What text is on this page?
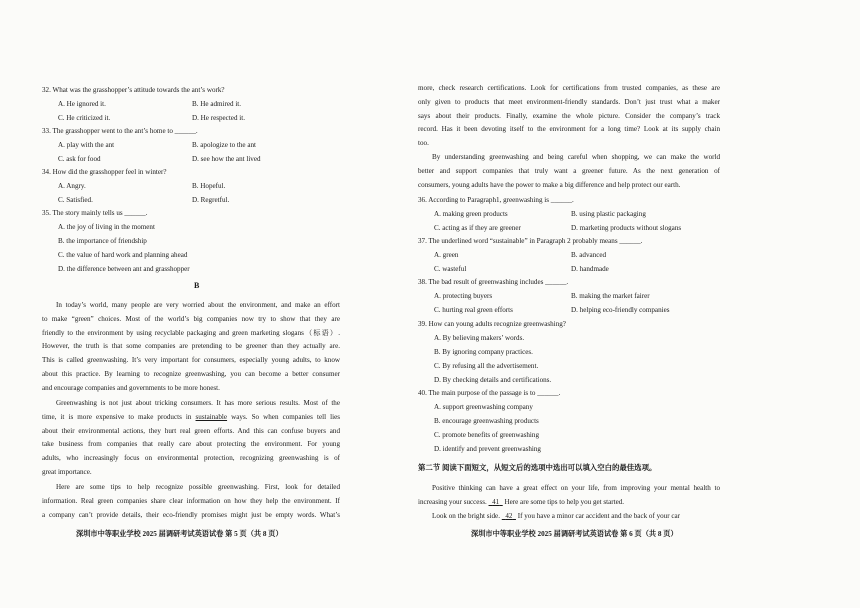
32. What was the grasshopper’s attitude towards the ant’s work?
A. He ignored it.	B. He admired it.
C. He criticized it.	D. He respected it.
33. The grasshopper went to the ant’s home to ______.
A. play with the ant	B. apologize to the ant
C. ask for food	D. see how the ant lived
34. How did the grasshopper feel in winter?
A. Angry.	B. Hopeful.
C. Satisfied.	D. Regretful.
35. The story mainly tells us ______.
A. the joy of living in the moment
B. the importance of friendship
C. the value of hard work and planning ahead
D. the difference between ant and grasshopper
B
In today’s world, many people are very worried about the environment, and make an effort
to make “green” choices. Most of the world’s big companies now try to show that they are
friendly to the environment by using recyclable packaging and green marketing slogans（标语）.
However, the truth is that some companies are pretending to be greener than they actually are.
This is called greenwashing. It’s very important for consumers, especially young adults, to know
about this practice. By learning to recognize greenwashing, you can become a better consumer
and encourage companies and governments to be more honest.
Greenwashing is not just about tricking consumers. It has more serious results. Most of the
time, it is more expensive to make products in sustainable ways. So when companies tell lies
about their environmental actions, they hurt real green efforts. And this can confuse buyers and
take business from companies that really care about protecting the environment. For young
adults, who increasingly focus on environmental protection, recognizing greenwashing is of
great importance.
Here are some tips to help recognize possible greenwashing. First, look for detailed
information. Real green companies share clear information on how they help the environment. If
a company can’t provide details, their eco-friendly promises might just be empty words. What’s
深圳市中等职业学校 2025 届调研考试英语试卷 第 5 页（共 8 页）
more, check research certifications. Look for certifications from trusted companies, as these are
only given to products that meet environment-friendly standards. Don’t just trust what a maker
says about their products. Finally, examine the whole picture. Consider the company’s track
record. Has it been devoting itself to the environment for a long time? Look at its supply chain
too.
By understanding greenwashing and being careful when shopping, we can make the world
better and support companies that truly want a greener future. As the next generation of
consumers, young adults have the power to make a big difference and help protect our earth.
36. According to Paragraph1, greenwashing is ______.
A. making green products	B. using plastic packaging
C. acting as if they are greener	D. marketing products without slogans
37. The underlined word “sustainable” in Paragraph 2 probably means ______.
A. green	B. advanced
C. wasteful	D. handmade
38. The bad result of greenwashing includes ______.
A. protecting buyers	B. making the market fairer
C. hurting real green efforts	D. helping eco-friendly companies
39. How can young adults recognize greenwashing?
A. By believing makers’ words.
B. By ignoring company practices.
C. By refusing all the advertisement.
D. By checking details and certifications.
40. The main purpose of the passage is to ______.
A. support greenwashing company
B. encourage greenwashing products
C. promote benefits of greenwashing
D. identify and prevent greenwashing
第二节 阅读下面短文，从短文后的选项中选出可以填入空白的最佳选项。
Positive thinking can have a great effect on your life, from improving your mental health to
increasing your success. 41 Here are some tips to help you get started.
Look on the bright side. 42 If you have a minor car accident and the back of your car
深圳市中等职业学校 2025 届调研考试英语试卷 第 6 页（共 8 页）
